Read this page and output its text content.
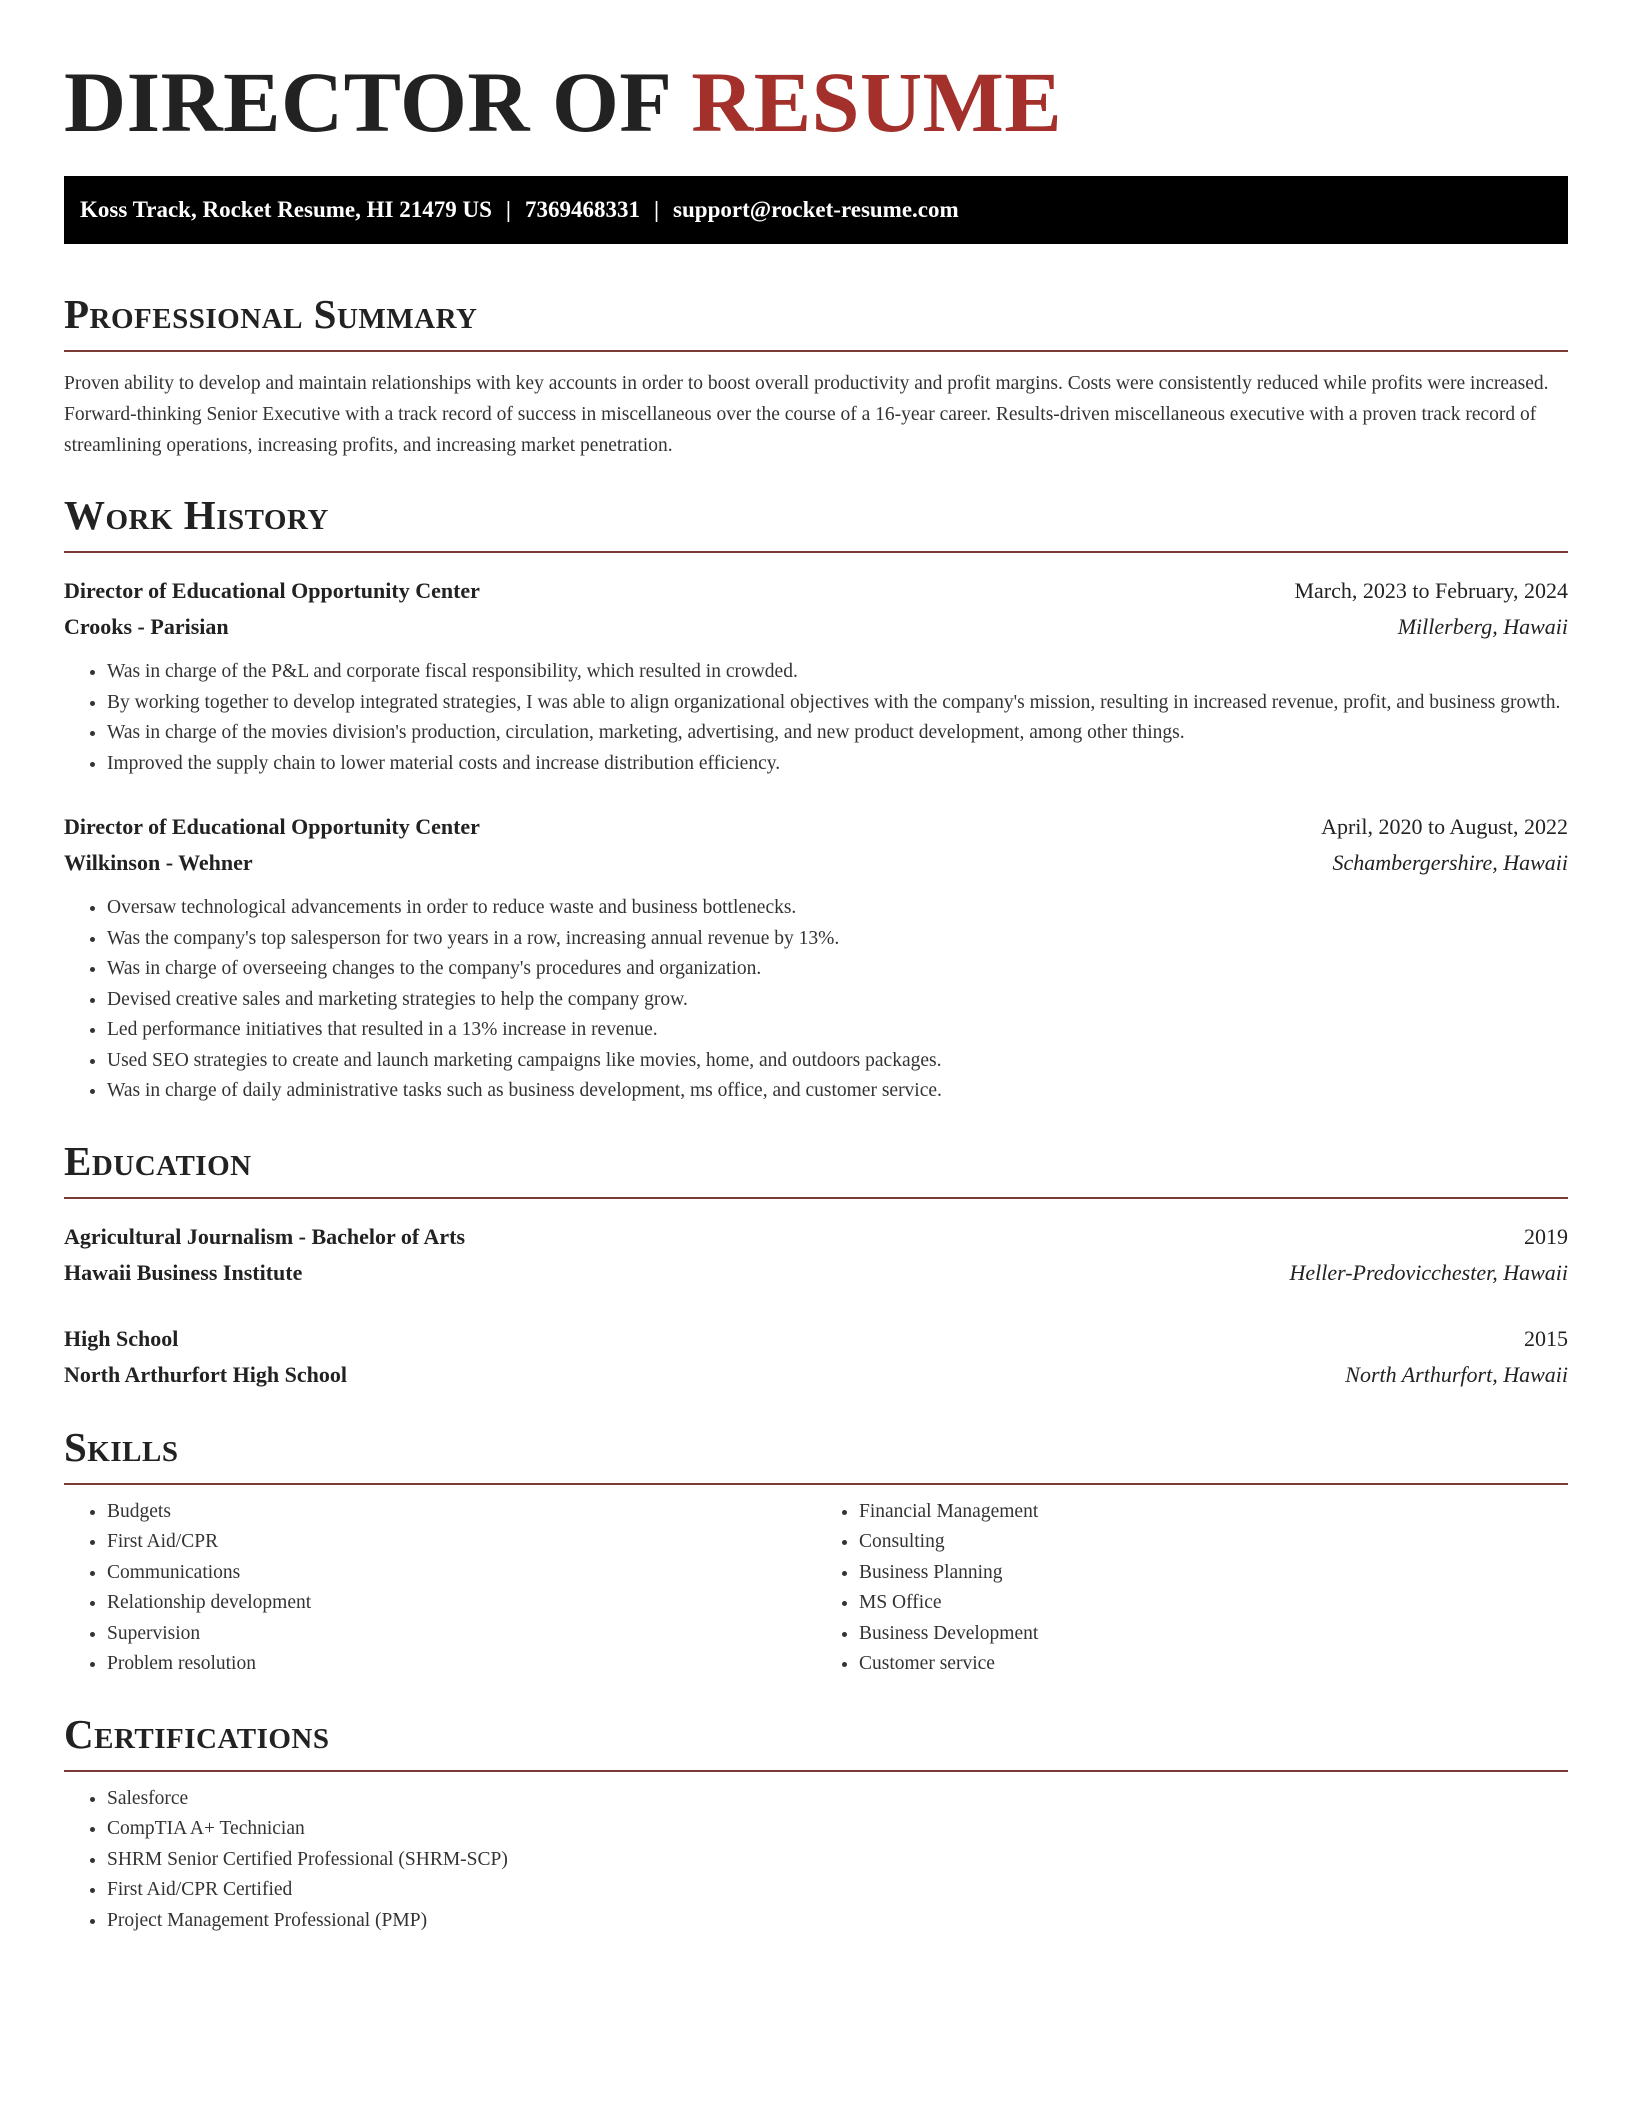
DIRECTOR OF RESUME
Koss Track, Rocket Resume, HI 21479 US | 7369468331 | support@rocket-resume.com
Professional Summary

Proven ability to develop and maintain relationships with key accounts in order to boost overall productivity and profit margins. Costs were consistently reduced while profits were increased. Forward-thinking Senior Executive with a track record of success in miscellaneous over the course of a 16-year career. Results-driven miscellaneous executive with a proven track record of streamlining operations, increasing profits, and increasing market penetration.

Work History
Director of Educational Opportunity Center	March, 2023 to February, 2024
Crooks - Parisian	Millerberg, Hawaii
• Was in charge of the P&L and corporate fiscal responsibility, which resulted in crowded.
• By working together to develop integrated strategies, I was able to align organizational objectives with the company's mission, resulting in increased revenue, profit, and business growth.
• Was in charge of the movies division's production, circulation, marketing, advertising, and new product development, among other things.
• Improved the supply chain to lower material costs and increase distribution efficiency.
Director of Educational Opportunity Center	April, 2020 to August, 2022
Wilkinson - Wehner	Schambergershire, Hawaii
• Oversaw technological advancements in order to reduce waste and business bottlenecks.
• Was the company's top salesperson for two years in a row, increasing annual revenue by 13%.
• Was in charge of overseeing changes to the company's procedures and organization.
• Devised creative sales and marketing strategies to help the company grow.
• Led performance initiatives that resulted in a 13% increase in revenue.
• Used SEO strategies to create and launch marketing campaigns like movies, home, and outdoors packages.
• Was in charge of daily administrative tasks such as business development, ms office, and customer service.
Education
Agricultural Journalism - Bachelor of Arts	2019
Hawaii Business Institute	Heller-Predovicchester, Hawaii
High School	2015
North Arthurfort High School	North Arthurfort, Hawaii
Skills
• Budgets
• First Aid/CPR
• Communications
• Relationship development
• Supervision
• Problem resolution
• Financial Management
• Consulting
• Business Planning
• MS Office
• Business Development
• Customer service
Certifications
• Salesforce
• CompTIA A+ Technician
• SHRM Senior Certified Professional (SHRM-SCP)
• First Aid/CPR Certified
• Project Management Professional (PMP)
